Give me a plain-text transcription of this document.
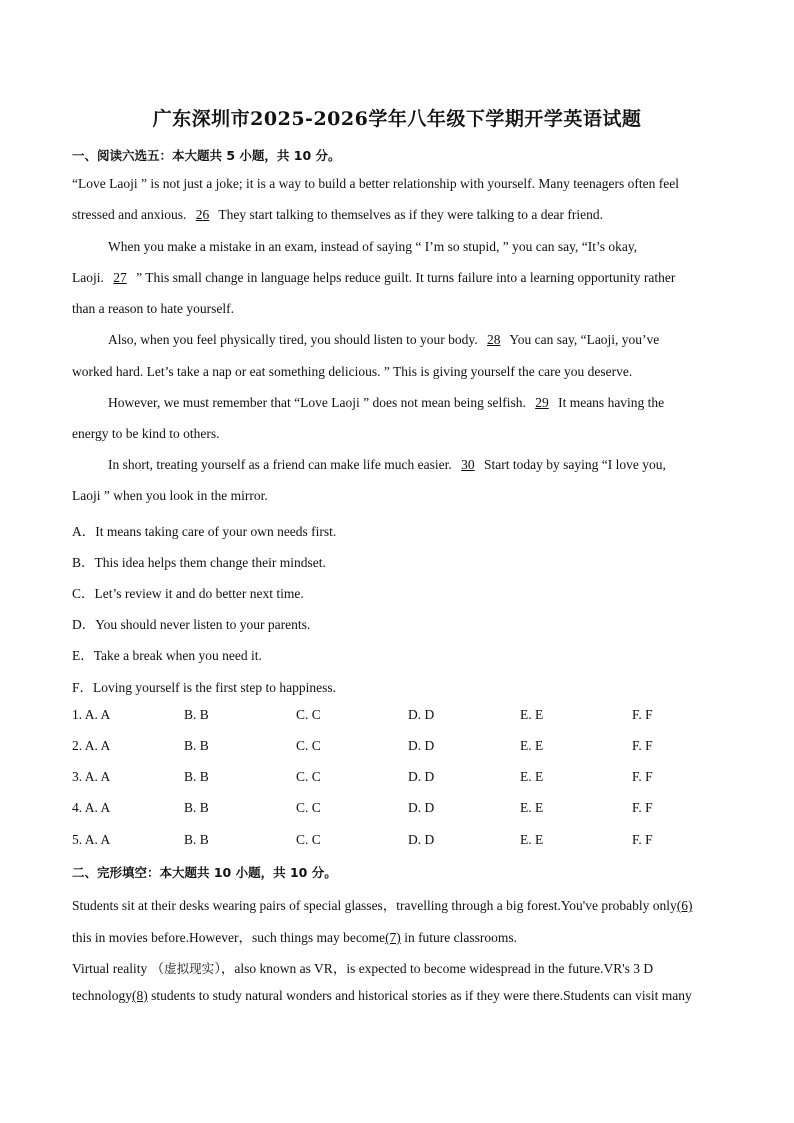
广东深圳市2025-2026学年八年级下学期开学英语试题
一、阅读六选五：本大题共 5 小题，共 10 分。
“Love Laoji ” is not just a joke; it is a way to build a better relationship with yourself. Many teenagers often feel
stressed and anxious. 26 They start talking to themselves as if they were talking to a dear friend.
When you make a mistake in an exam, instead of saying “ I’m so stupid, ” you can say, “It’s okay,
Laoji. 27 ” This small change in language helps reduce guilt. It turns failure into a learning opportunity rather
than a reason to hate yourself.
Also, when you feel physically tired, you should listen to your body. 28 You can say, “Laoji, you’ve
worked hard. Let’s take a nap or eat something delicious. ” This is giving yourself the care you deserve.
However, we must remember that “Love Laoji ” does not mean being selfish. 29 It means having the
energy to be kind to others.
In short, treating yourself as a friend can make life much easier. 30 Start today by saying “I love you,
Laoji ” when you look in the mirror.
A．It means taking care of your own needs first.
B．This idea helps them change their mindset.
C．Let’s review it and do better next time.
D．You should never listen to your parents.
E．Take a break when you need it.
F．Loving yourself is the first step to happiness.
1. A. A	B. B	C. C	D. D	E. E	F. F
2. A. A	B. B	C. C	D. D	E. E	F. F
3. A. A	B. B	C. C	D. D	E. E	F. F
4. A. A	B. B	C. C	D. D	E. E	F. F
5. A. A	B. B	C. C	D. D	E. E	F. F
二、完形填空：本大题共 10 小题，共 10 分。
Students sit at their desks wearing pairs of special glasses，travelling through a big forest.You've probably only(6)
this in movies before.However，such things may become(7) in future classrooms.
Virtual reality （虚拟现实），also known as VR，is expected to become widespread in the future.VR's 3 D
technology(8) students to study natural wonders and historical stories as if they were there.Students can visit many
